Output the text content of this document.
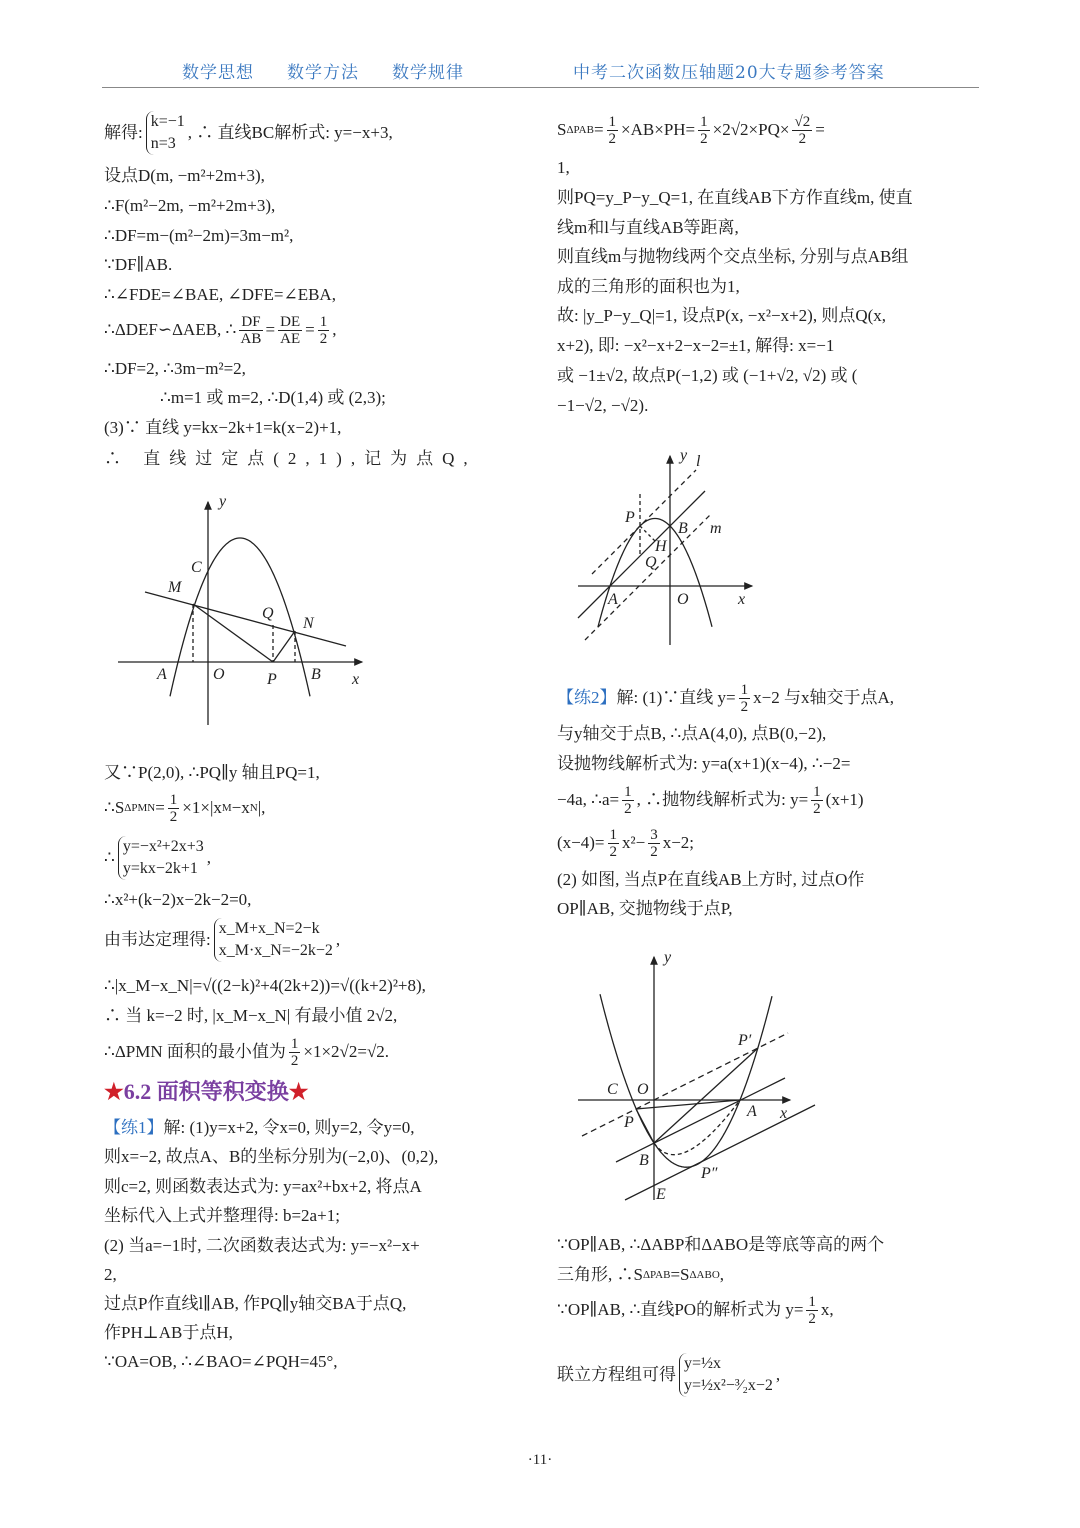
数学思想 数学方法 数学规律	中考二次函数压轴题20大专题参考答案
解得:
k=−1
n=3
, ∴ 直线BC解析式: y=−x+3,
设点D(m, −m²+2m+3),
∴F(m²−2m, −m²+2m+3),
∴DF=m−(m²−2m)=3m−m²,
∵DF∥AB.
∴∠FDE=∠BAE, ∠DFE=∠EBA,
∴ΔDEF∽ΔAEB, ∴ $\frac{DF}{AB} = \frac{DE}{AE} = \frac{1}{2}$ ,
∴DF=2, ∴3m−m²=2,
∴m=1 或 m=2, ∴D(1,4) 或 (2,3);
(3)∵ 直线 y=kx−2k+1=k(x−2)+1,
∴ 直线过定点(2,1),记为点Q,
又∵P(2,0), ∴PQ∥y 轴且PQ=1,
∴S $\Delta PMN = \frac{1}{2} \times 1\times|x$ M −x N |,
∴
y=−x²+2x+3
y=kx−2k+1
,
∴x²+(k−2)x−2k−2=0,
由韦达定理得:
x_M+x_N=2−k
x_M·x_N=−2k−2
,
∴|x_M−x_N|=√((2−k)²+4(2k+2))=√((k+2)²+8),
∴ 当 k=−2 时, |x_M−x_N| 有最小值 2√2,
∴ΔPMN 面积的最小值为 $\frac{1}{2} \times 1\times 2√2=√2$.
★ 6.2 面积等积变换 ★
【练1】 解: (1)y=x+2, 令x=0, 则y=2, 令y=0,
则x=−2, 故点A、B的坐标分别为(−2,0)、(0,2),
则c=2, 则函数表达式为: y=ax²+bx+2, 将点A
坐标代入上式并整理得: b=2a+1;
(2) 当a=−1时, 二次函数表达式为: y=−x²−x+
2,
过点P作直线l∥AB, 作PQ∥y轴交BA于点Q,
作PH⊥AB于点H,
∵OA=OB, ∴∠BAO=∠PQH=45°,
S $\Delta PAB = \frac{1}{2} \times AB\times PH= \frac{1}{2} \times 2√2\times PQ\times \frac{√2}{2}$ =
1,
则PQ=y_P−y_Q=1, 在直线AB下方作直线m, 使直
线m和l与直线AB等距离,
则直线m与抛物线两个交点坐标, 分别与点AB组
成的三角形的面积也为1,
故: |y_P−y_Q|=1, 设点P(x, −x²−x+2), 则点Q(x,
x+2), 即: −x²−x+2−x−2=±1, 解得: x=−1
或 −1±√2, 故点P(−1,2) 或 (−1+√2, √2) 或 (
−1−√2, −√2).
【练2】 解: (1)∵直线 $y= \frac{1}{2} x-2$ 与x轴交于点A,
与y轴交于点B, ∴点A(4,0), 点B(0,−2),
设抛物线解析式为: y=a(x+1)(x−4), ∴−2=
−4a, ∴a= $\frac{1}{2}$ , ∴抛物线解析式为: $y= \frac{1}{2} (x+1)$
$(x-4)= \frac{1}{2} x^2- \frac{3}{2} x-2$;
(2) 如图, 当点P在直线AB上方时, 过点O作
OP∥AB, 交抛物线于点P,
∵OP∥AB, ∴ΔABP和ΔABO是等底等高的两个
三角形, ∴S ΔPAB =S ΔABO ,
∵OP∥AB, ∴直线PO的解析式为 $y= \frac{1}{2} x$,
联立方程组可得
y=½x
y=½x²−³⁄₂x−2
,
y
x
C
M
Q
N
A	O	P B
y l
x
O
A
P
B m
H
Q
y
x
C O
P′
P
A
B
P″
E
·11·
